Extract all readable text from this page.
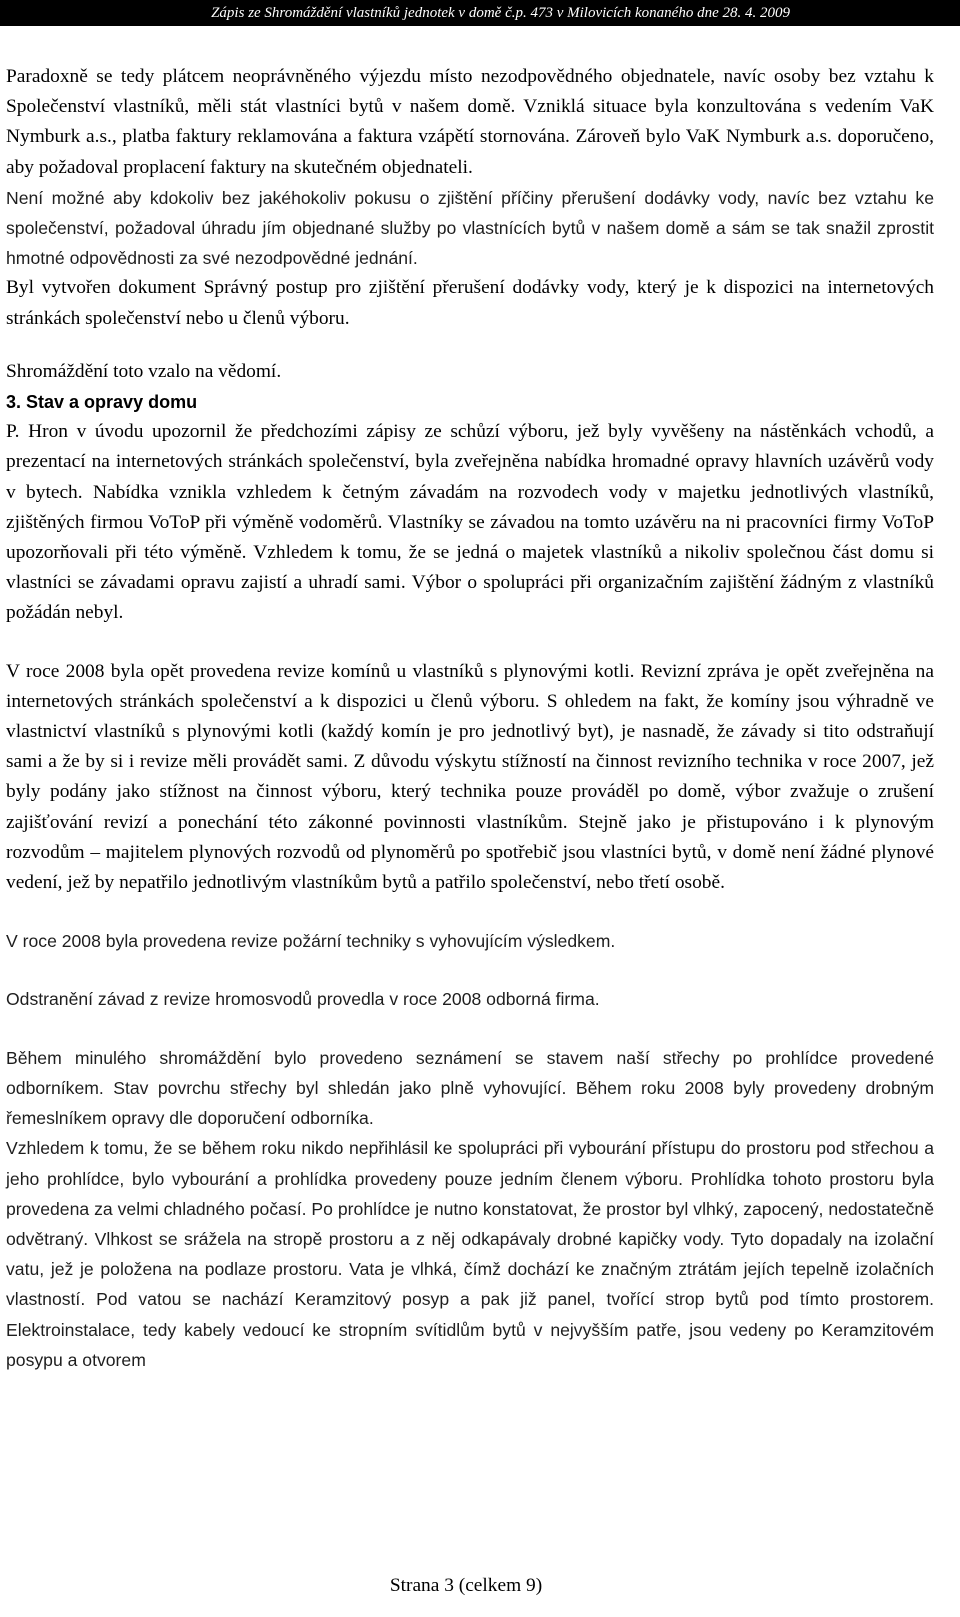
Zápis ze Shromáždění vlastníků jednotek v domě č.p. 473 v Milovicích konaného dne 28. 4. 2009

Paradoxně se tedy plátcem neoprávněného výjezdu místo nezodpovědného objednatele, navíc osoby bez vztahu k Společenství vlastníků, měli stát vlastníci bytů v našem domě. Vzniklá situace byla konzultována s vedením VaK Nymburk a.s., platba faktury reklamována a faktura vzápětí stornována. Zároveň bylo VaK Nymburk a.s. doporučeno, aby požadoval proplacení faktury na skutečném objednateli.

Není možné aby kdokoliv bez jakéhokoliv pokusu o zjištění příčiny přerušení dodávky vody, navíc bez vztahu ke společenství, požadoval úhradu jím objednané služby po vlastnících bytů v našem domě a sám se tak snažil zprostit hmotné odpovědnosti za své nezodpovědné jednání.

Byl vytvořen dokument Správný postup pro zjištění přerušení dodávky vody, který je k dispozici na internetových stránkách společenství nebo u členů výboru.

Shromáždění toto vzalo na vědomí.

3. Stav a opravy domu

P. Hron v úvodu upozornil že předchozími zápisy ze schůzí výboru, jež byly vyvěšeny na nástěnkách vchodů, a prezentací na internetových stránkách společenství, byla zveřejněna nabídka hromadné opravy hlavních uzávěrů vody v bytech. Nabídka vznikla vzhledem k četným závadám na rozvodech vody v majetku jednotlivých vlastníků, zjištěných firmou VoToP při výměně vodoměrů. Vlastníky se závadou na tomto uzávěru na ni pracovníci firmy VoToP upozorňovali při této výměně. Vzhledem k tomu, že se jedná o majetek vlastníků a nikoliv společnou část domu si vlastníci se závadami opravu zajistí a uhradí sami. Výbor o spolupráci při organizačním zajištění žádným z vlastníků požádán nebyl.

V roce 2008 byla opět provedena revize komínů u vlastníků s plynovými kotli. Revizní zpráva je opět zveřejněna na internetových stránkách společenství a k dispozici u členů výboru. S ohledem na fakt, že komíny jsou výhradně ve vlastnictví vlastníků s plynovými kotli (každý komín je pro jednotlivý byt), je nasnadě, že závady si tito odstraňují sami a že by si i revize měli provádět sami. Z důvodu výskytu stížností na činnost revizního technika v roce 2007, jež byly podány jako stížnost na činnost výboru, který technika pouze prováděl po domě, výbor zvažuje o zrušení zajišťování revizí a ponechání této zákonné povinnosti vlastníkům. Stejně jako je přistupováno i k plynovým rozvodům – majitelem plynových rozvodů od plynoměrů po spotřebič jsou vlastníci bytů, v domě není žádné plynové vedení, jež by nepatřilo jednotlivým vlastníkům bytů a patřilo společenství, nebo třetí osobě.

V roce 2008 byla provedena revize požární techniky s vyhovujícím výsledkem.

Odstranění závad z revize hromosvodů provedla v roce 2008 odborná firma.

Během minulého shromáždění bylo provedeno seznámení se stavem naší střechy po prohlídce provedené odborníkem. Stav povrchu střechy byl shledán jako plně vyhovující. Během roku 2008 byly provedeny drobným řemeslníkem opravy dle doporučení odborníka.

Vzhledem k tomu, že se během roku nikdo nepřihlásil ke spolupráci při vybourání přístupu do prostoru pod střechou a jeho prohlídce, bylo vybourání a prohlídka provedeny pouze jedním členem výboru. Prohlídka tohoto prostoru byla provedena za velmi chladného počasí. Po prohlídce je nutno konstatovat, že prostor byl vlhký, zapocený, nedostatečně odvětraný. Vlhkost se srážela na stropě prostoru a z něj odkapávaly drobné kapičky vody. Tyto dopadaly na izolační vatu, jež je položena na podlaze prostoru. Vata je vlhká, čímž dochází ke značným ztrátám jejích tepelně izolačních vlastností. Pod vatou se nachází Keramzitový posyp a pak již panel, tvořící strop bytů pod tímto prostorem. Elektroinstalace, tedy kabely vedoucí ke stropním svítidlům bytů v nejvyšším patře, jsou vedeny po Keramzitovém posypu a otvorem

Strana 3 (celkem 9)
